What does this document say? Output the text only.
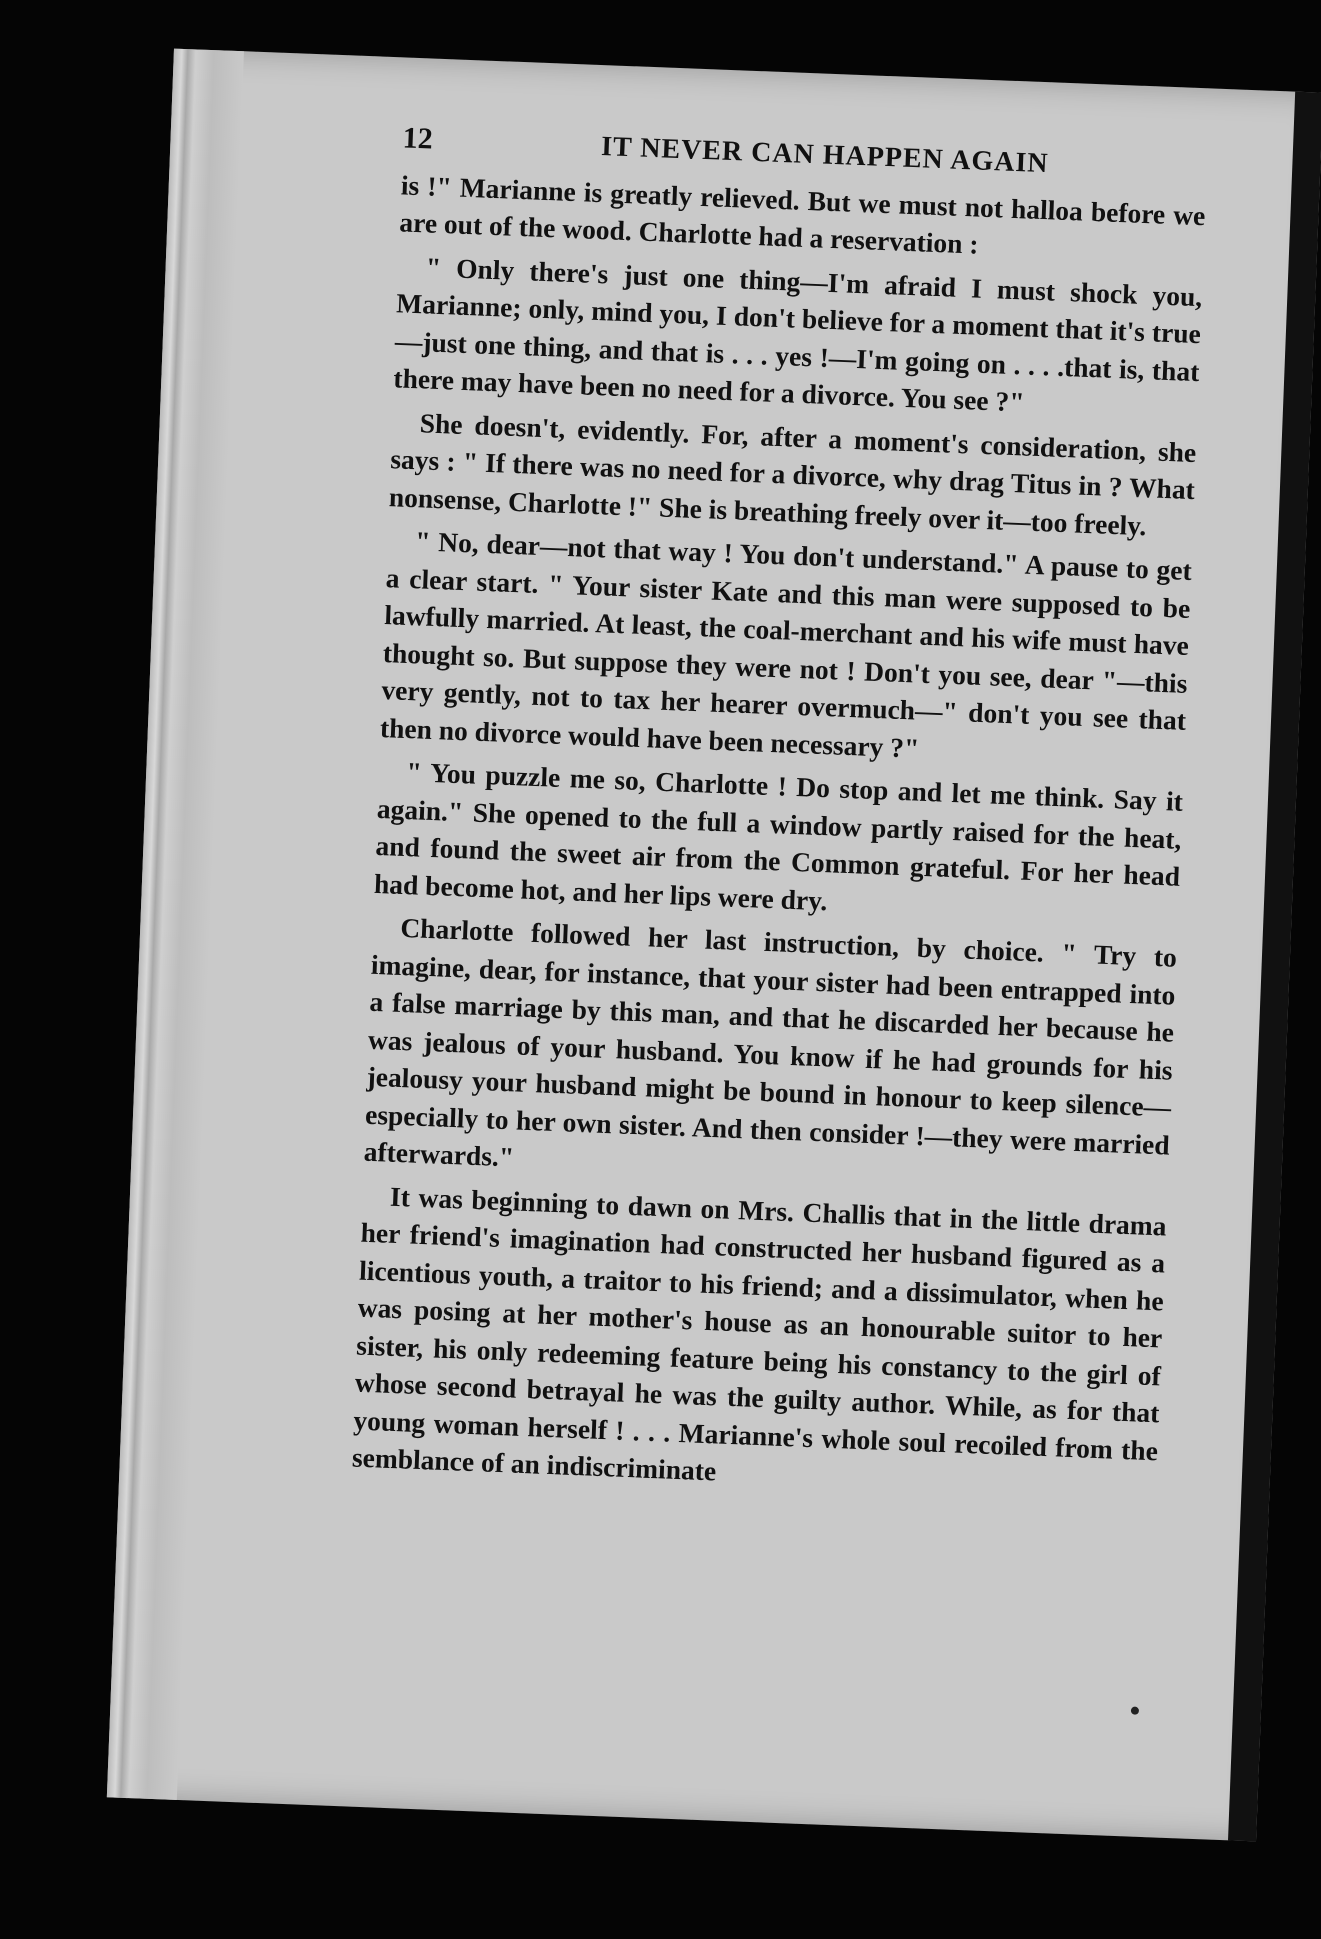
12	IT NEVER CAN HAPPEN AGAIN

is !" Marianne is greatly relieved. But we must not halloa before we are out of the wood. Charlotte had a reservation :

" Only there's just one thing—I'm afraid I must shock you, Marianne; only, mind you, I don't believe for a moment that it's true—just one thing, and that is . . . yes !—I'm going on . . . .that is, that there may have been no need for a divorce. You see ?"

She doesn't, evidently. For, after a moment's consideration, she says : " If there was no need for a divorce, why drag Titus in ? What nonsense, Charlotte !" She is breathing freely over it—too freely.

" No, dear—not that way ! You don't understand." A pause to get a clear start. " Your sister Kate and this man were supposed to be lawfully married. At least, the coal-merchant and his wife must have thought so. But suppose they were not ! Don't you see, dear "—this very gently, not to tax her hearer overmuch—" don't you see that then no divorce would have been necessary ?"

" You puzzle me so, Charlotte ! Do stop and let me think. Say it again." She opened to the full a window partly raised for the heat, and found the sweet air from the Common grateful. For her head had become hot, and her lips were dry.

Charlotte followed her last instruction, by choice. " Try to imagine, dear, for instance, that your sister had been entrapped into a false marriage by this man, and that he discarded her because he was jealous of your husband. You know if he had grounds for his jealousy your husband might be bound in honour to keep silence—especially to her own sister. And then consider !—they were married afterwards."

It was beginning to dawn on Mrs. Challis that in the little drama her friend's imagination had constructed her husband figured as a licentious youth, a traitor to his friend; and a dissimulator, when he was posing at her mother's house as an honourable suitor to her sister, his only redeeming feature being his constancy to the girl of whose second betrayal he was the guilty author. While, as for that young woman herself ! . . . Marianne's whole soul recoiled from the semblance of an indiscriminate
